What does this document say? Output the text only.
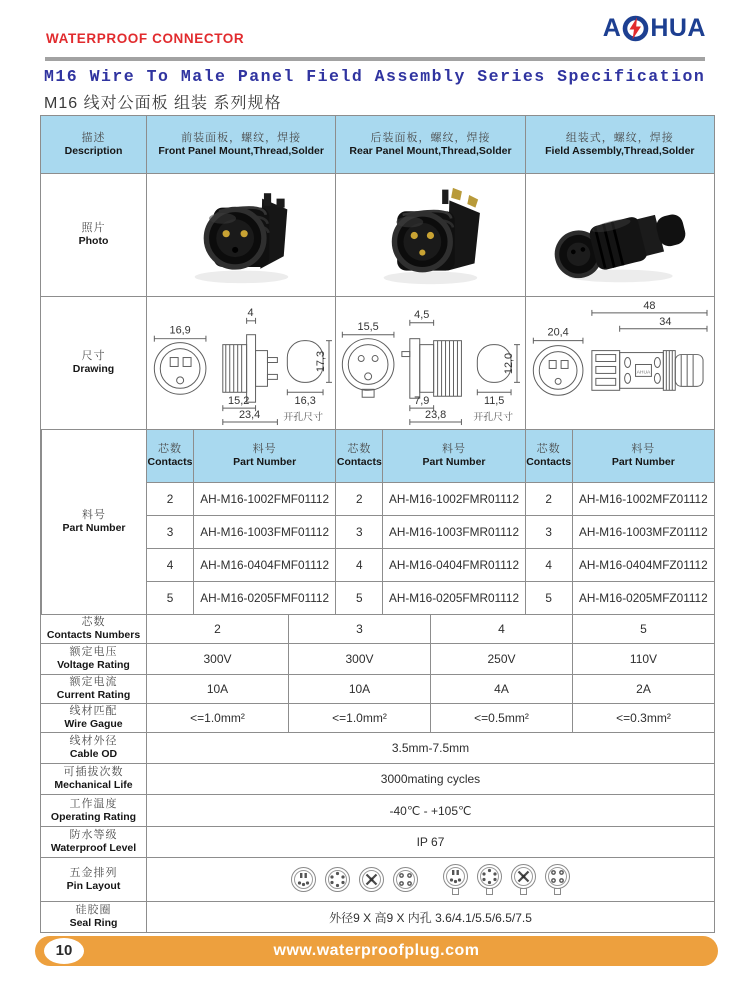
WATERPROOF CONNECTOR	A HUA
M16 Wire To Male Panel Field Assembly Series Specification
M16 线对公面板 组装 系列规格
描述
Description
前装面板，螺纹，焊接
Front Panel Mount,Thread,Solder
后装面板，螺纹，焊接
Rear Panel Mount,Thread,Solder
组装式，螺纹，焊接
Field Assembly,Thread,Solder
照片
Photo
尺寸
Drawing
16,9
4
15,2
23,4
17,3
16,3
开孔尺寸
15,5
4,5
7,9
23,8
12,0
11,5
开孔尺寸
20,4
48
34
AHUA
料号
Part Number
芯数
Contacts
料号
Part Number
芯数
Contacts
料号
Part Number
芯数
Contacts
料号
Part Number
2 AH-M16-1002FMF01112 2 AH-M16-1002FMR01112 2 AH-M16-1002MFZ01112
3 AH-M16-1003FMF01112 3 AH-M16-1003FMR01112 3 AH-M16-1003MFZ01112
4 AH-M16-0404FMF01112 4 AH-M16-0404FMR01112 4 AH-M16-0404MFZ01112
5 AH-M16-0205FMF01112 5 AH-M16-0205FMR01112 5 AH-M16-0205MFZ01112
芯数
Contacts Numbers	2	3	4	5
额定电压
Voltage Rating	300V	300V	250V	110V
额定电流
Current Rating	10A	10A	4A	2A
线材匹配
Wire Gague	<=1.0mm²	<=1.0mm²	<=0.5mm²	<=0.3mm²
线材外径
Cable OD	3.5mm-7.5mm
可插拔次数
Mechanical Life	3000mating cycles
工作温度
Operating Rating	-40℃ - +105℃
防水等级
Waterproof Level	IP 67
五金排列
Pin Layout
硅胶圈
Seal Ring	外径9 X 高9 X 内孔 3.6/4.1/5.5/6.5/7.5
10	www.waterproofplug.com
